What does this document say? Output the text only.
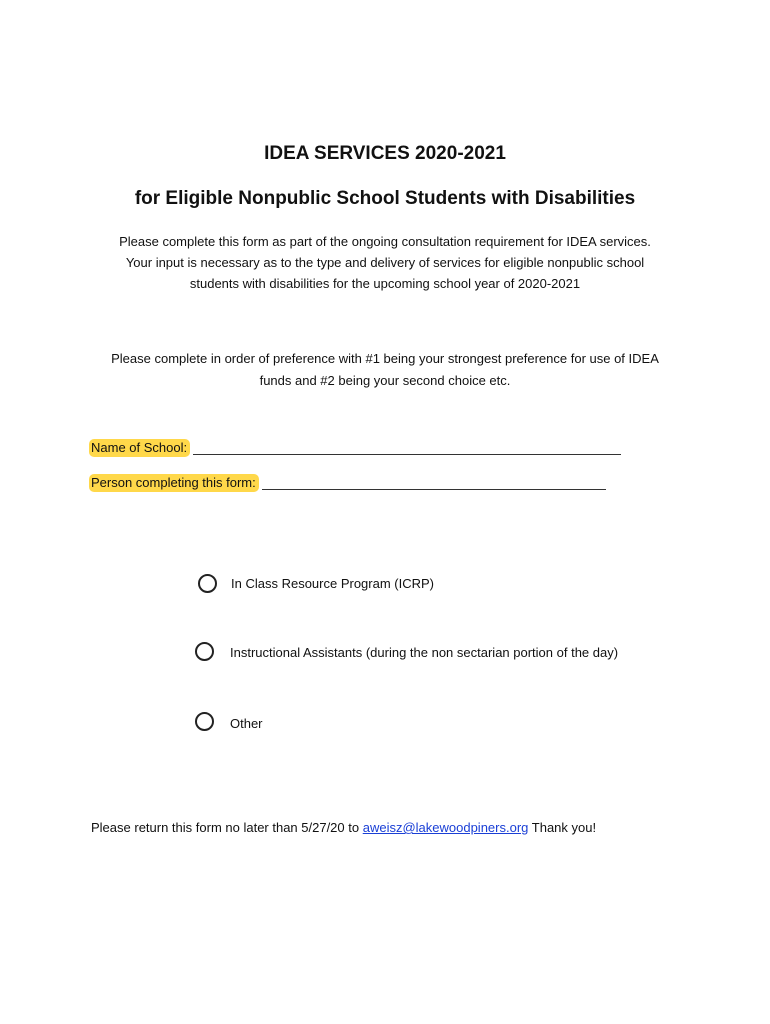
IDEA SERVICES 2020-2021
for Eligible Nonpublic School Students with Disabilities
Please complete this form as part of the ongoing consultation requirement for IDEA services.
Your input is necessary as to the type and delivery of services for eligible nonpublic school
students with disabilities for the upcoming school year of 2020-2021
Please complete in order of preference with #1 being your strongest preference for use of IDEA
funds and #2 being your second choice etc.
Name of School:
Person completing this form:
In Class Resource Program (ICRP)
Instructional Assistants (during the non sectarian portion of the day)
Other
Please return this form no later than 5/27/20 to aweisz@lakewoodpiners.org Thank you!
